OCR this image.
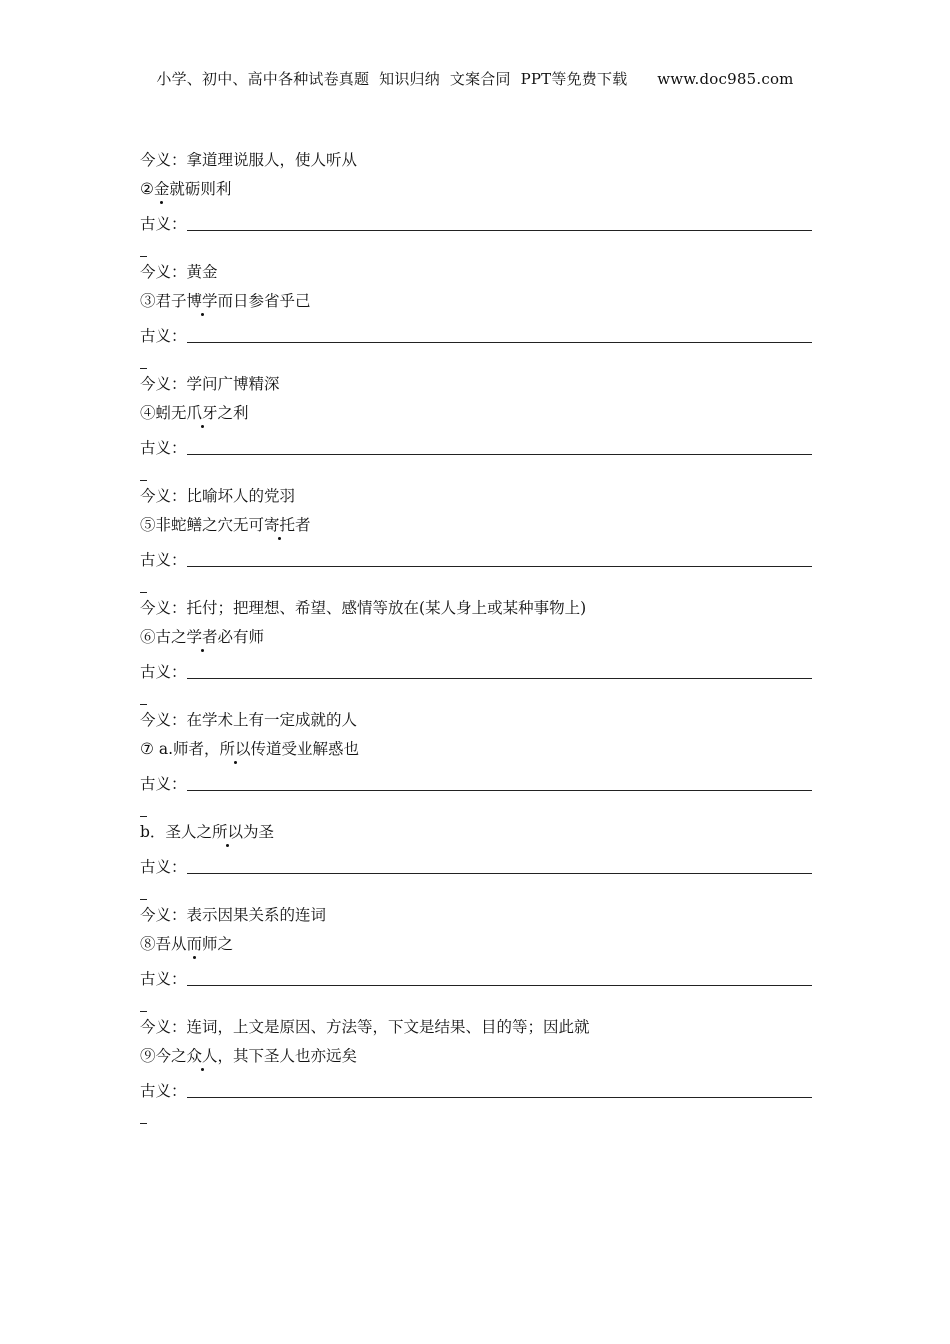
小学、初中、高中各种试卷真题  知识归纳  文案合同  PPT等免费下载      www.doc985.com
今义：拿道理说服人，使人听从
②金就砺则利
古义：
今义：黄金
③君子博学而日参省乎己
古义：
今义：学问广博精深
④蚓无爪牙之利
古义：
今义：比喻坏人的党羽
⑤非蛇鳝之穴无可寄托者
古义：
今义：托付；把理想、希望、感情等放在(某人身上或某种事物上)
⑥古之学者必有师
古义：
今义：在学术上有一定成就的人
⑦ a.师者，所以传道受业解惑也
古义：
b．圣人之所以为圣
古义：
今义：表示因果关系的连词
⑧吾从而师之
古义：
今义：连词，上文是原因、方法等，下文是结果、目的等；因此就
⑨今之众人，其下圣人也亦远矣
古义：
